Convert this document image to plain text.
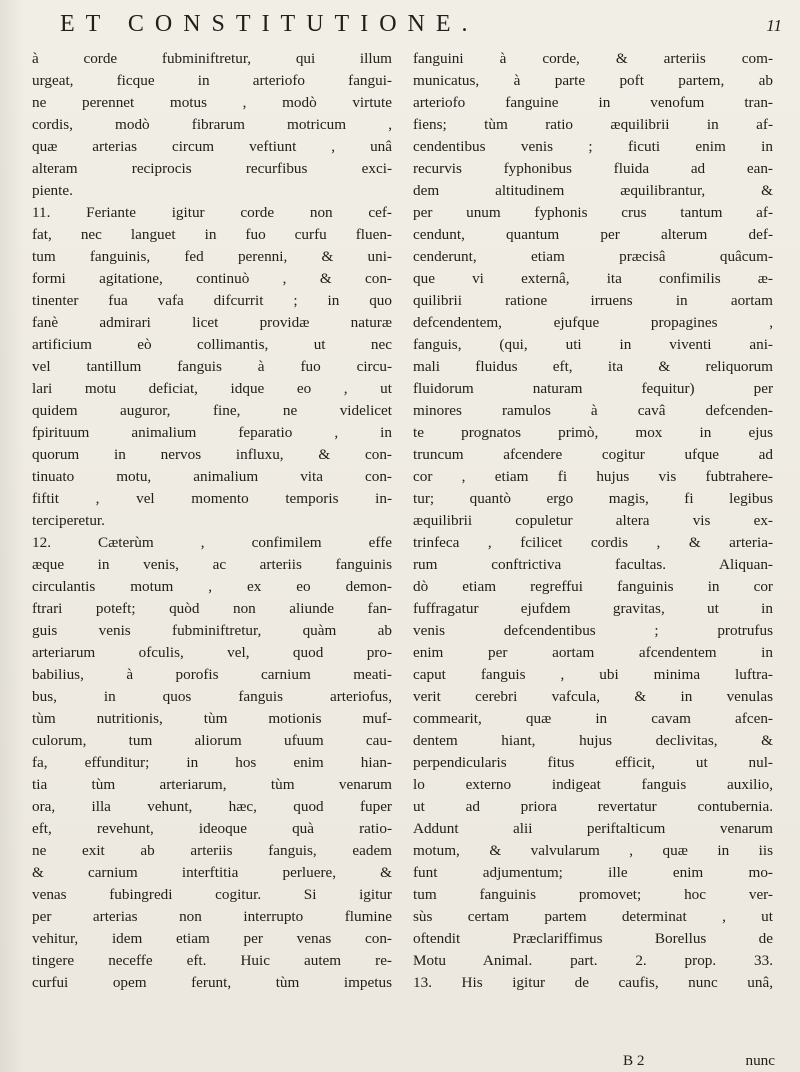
ET CONSTITUTIONE.	11
à corde fubminiftretur, qui illum
urgeat, ficque in arteriofo fangui-
ne perennet motus , modò virtute
cordis, modò fibrarum motricum ,
quæ arterias circum veftiunt , unâ
alteram reciprocis recurfibus exci-
piente.
11. Feriante igitur corde non cef-
fat, nec languet in fuo curfu fluen-
tum fanguinis, fed perenni, & uni-
formi agitatione, continuò , & con-
tinenter fua vafa difcurrit ; in quo
fanè admirari licet providæ naturæ
artificium eò collimantis, ut nec
vel tantillum fanguis à fuo circu-
lari motu deficiat, idque eo , ut
quidem auguror, fine, ne videlicet
fpirituum animalium feparatio , in
quorum in nervos influxu, & con-
tinuato motu, animalium vita con-
fiftit , vel momento temporis in-
terciperetur.
12. Cæterùm , confimilem effe
æque in venis, ac arteriis fanguinis
circulantis motum , ex eo demon-
ftrari poteft; quòd non aliunde fan-
guis venis fubminiftretur, quàm ab
arteriarum ofculis, vel, quod pro-
babilius, à porofis carnium meati-
bus, in quos fanguis arteriofus,
tùm nutritionis, tùm motionis muf-
culorum, tum aliorum ufuum cau-
fa, effunditur; in hos enim hian-
tia tùm arteriarum, tùm venarum
ora, illa vehunt, hæc, quod fuper
eft, revehunt, ideoque quà ratio-
ne exit ab arteriis fanguis, eadem
& carnium interftitia perluere, &
venas fubingredi cogitur. Si igitur
per arterias non interrupto flumine
vehitur, idem etiam per venas con-
tingere neceffe eft. Huic autem re-
curfui opem ferunt, tùm impetus
fanguini à corde, & arteriis com-
municatus, à parte poft partem, ab
arteriofo fanguine in venofum tran-
fiens; tùm ratio æquilibrii in af-
cendentibus venis ; ficuti enim in
recurvis fyphonibus fluida ad ean-
dem altitudinem æquilibrantur, &
per unum fyphonis crus tantum af-
cendunt, quantum per alterum def-
cenderunt, etiam præcisâ quâcum-
que vi externâ, ita confimilis æ-
quilibrii ratione irruens in aortam
defcendentem, ejufque propagines ,
fanguis, (qui, uti in viventi ani-
mali fluidus eft, ita & reliquorum
fluidorum naturam fequitur) per
minores ramulos à cavâ defcenden-
te prognatos primò, mox in ejus
truncum afcendere cogitur ufque ad
cor , etiam fi hujus vis fubtrahere-
tur; quantò ergo magis, fi legibus
æquilibrii copuletur altera vis ex-
trinfeca , fcilicet cordis , & arteria-
rum conftrictiva facultas. Aliquan-
dò etiam regreffui fanguinis in cor
fuffragatur ejufdem gravitas, ut in
venis defcendentibus ; protrufus
enim per aortam afcendentem in
caput fanguis , ubi minima luftra-
verit cerebri vafcula, & in venulas
commearit, quæ in cavam afcen-
dentem hiant, hujus declivitas, &
perpendicularis fitus efficit, ut nul-
lo externo indigeat fanguis auxilio,
ut ad priora revertatur contubernia.
Addunt alii periftalticum venarum
motum, & valvularum , quæ in iis
funt adjumentum; ille enim mo-
tum fanguinis promovet; hoc ver-
sùs certam partem determinat , ut
oftendit Præclariffimus Borellus de
Motu Animal. part. 2. prop. 33.
13. His igitur de caufis, nunc unâ,
B 2	nunc
